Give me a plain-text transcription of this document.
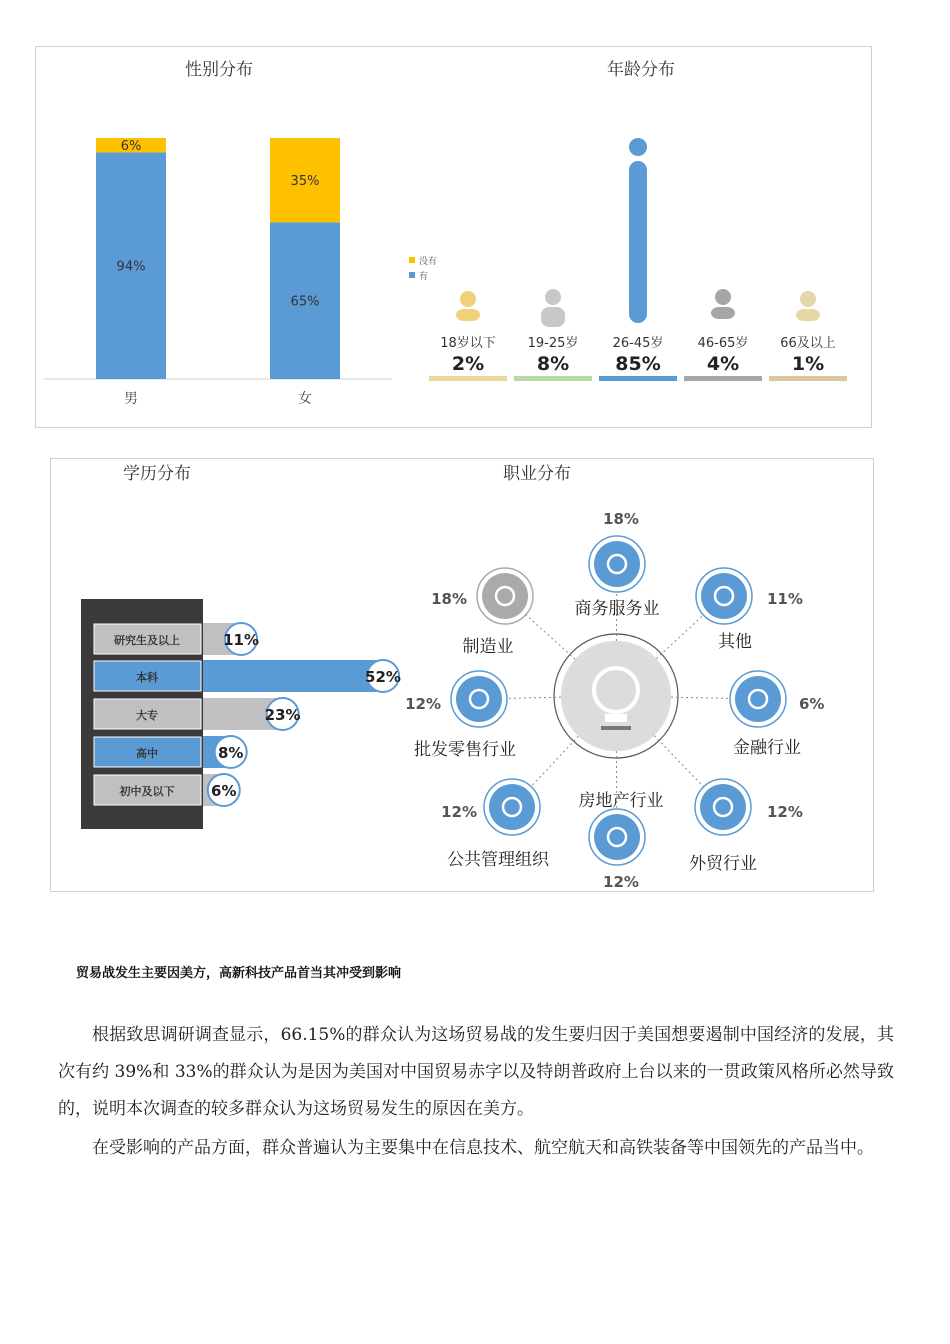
性别分布
94%
6%
男
65%
35%
女
没有
有
年龄分布
18岁以下
2%
19-25岁
8%
26-45岁
85%
46-65岁
4%
66及以上
1%
学历分布
研究生及以上	11%
本科	52%
大专	23%
高中	8%
初中及以下 6%
职业分布
商务服务业
18%
其他
11%
金融行业
6%
外贸行业
12%
房地产行业
12%
公共管理组织
12%
批发零售行业
12%
制造业
18%
贸易战发生主要因美方，高新科技产品首当其冲受到影响

根据致思调研调查显示，66.15%的群众认为这场贸易战的发生要归因于美国想要遏制中国经济的发展，其次有约 39%和 33%的群众认为是因为美国对中国贸易赤字以及特朗普政府上台以来的一贯政策风格所必然导致的，说明本次调查的较多群众认为这场贸易发生的原因在美方。

在受影响的产品方面，群众普遍认为主要集中在信息技术、航空航天和高铁装备等中国领先的产品当中。
